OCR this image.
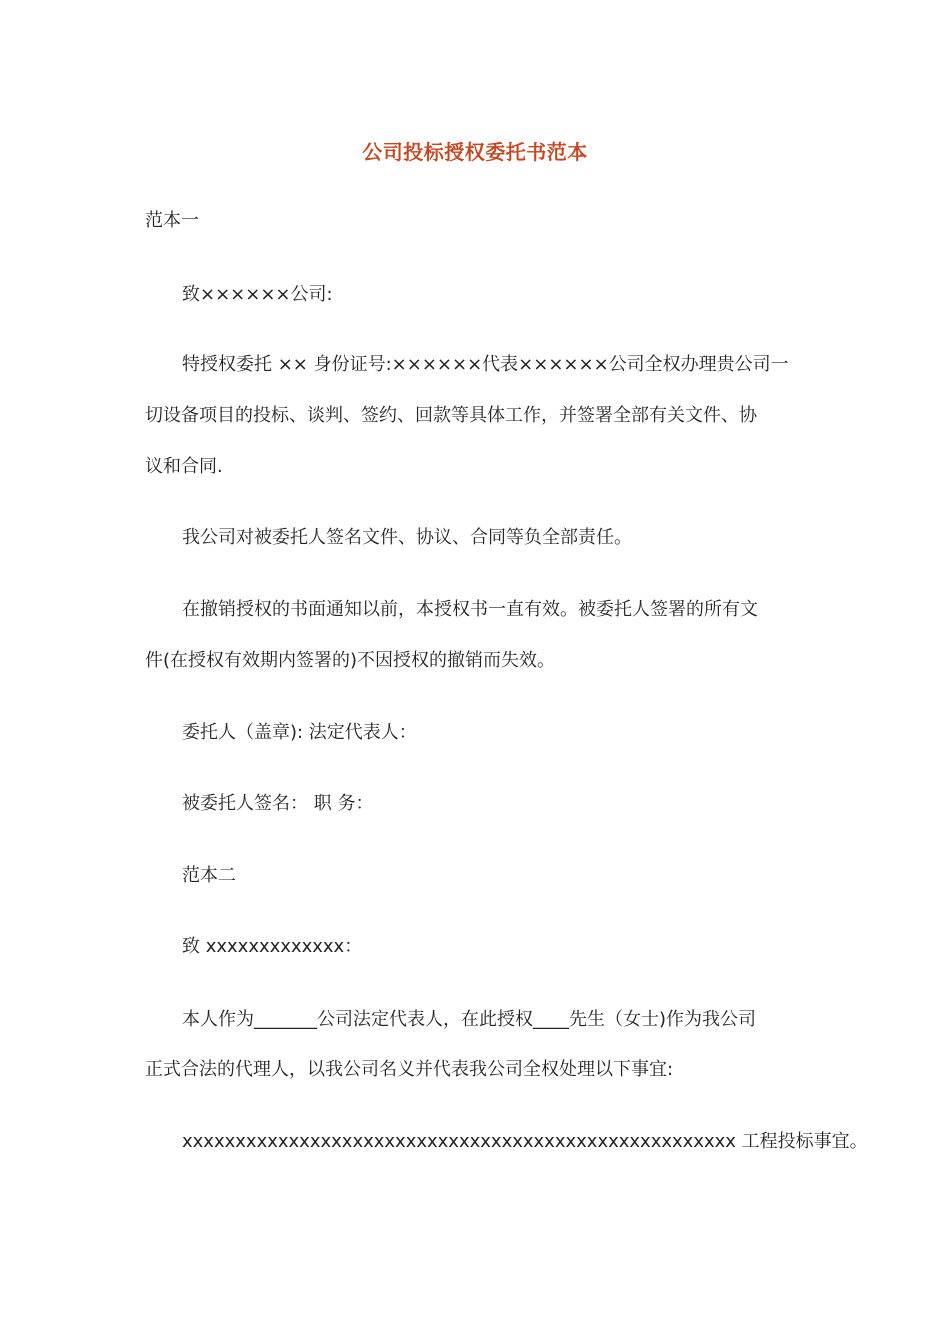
公司投标授权委托书范本
范本一
致××××××公司:
特授权委托 ×× 身份证号:××××××代表××××××公司全权办理贵公司一
切设备项目的投标、谈判、签约、回款等具体工作，并签署全部有关文件、协
议和合同.
我公司对被委托人签名文件、协议、合同等负全部责任。
在撤销授权的书面通知以前，本授权书一直有效。被委托人签署的所有文
件(在授权有效期内签署的)不因授权的撤销而失效。
委托人（盖章): 法定代表人：
被委托人签名： 职 务：
范本二
致 xxxxxxxxxxxxx：
本人作为_______公司法定代表人，在此授权____先生（女士)作为我公司
正式合法的代理人，以我公司名义并代表我公司全权处理以下事宜:
xxxxxxxxxxxxxxxxxxxxxxxxxxxxxxxxxxxxxxxxxxxxxxxxxxxx 工程投标事宜。
